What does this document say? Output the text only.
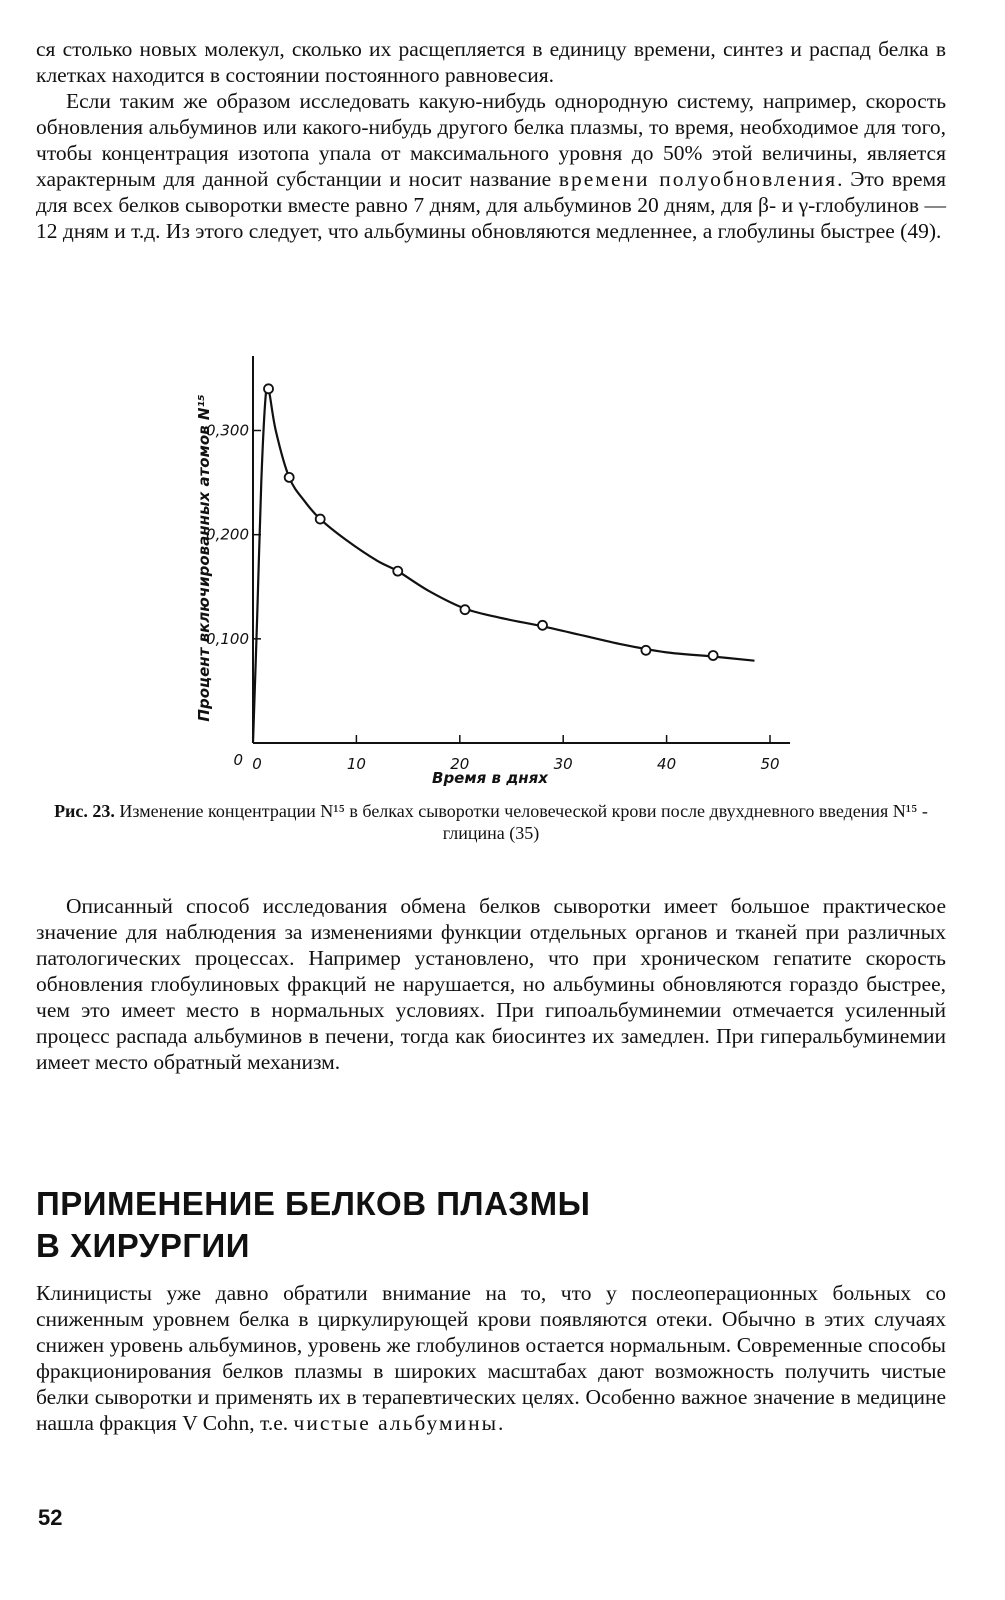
ся столько новых молекул, сколько их расщепляется в единицу времени, синтез и распад белка в клетках находится в состоянии постоянного равновесия.

Если таким же образом исследовать какую-нибудь однородную систему, например, скорость обновления альбуминов или какого-нибудь другого белка плазмы, то время, необходимое для того, чтобы концентрация изотопа упала от максимального уровня до 50% этой величины, является характерным для данной субстанции и носит название времени полуобновления. Это время для всех белков сыворотки вместе равно 7 дням, для альбуминов 20 дням, для β- и γ-глобулинов — 12 дням и т.д. Из этого следует, что альбумины обновляются медленнее, а глобулины быстрее (49).

0	10	20	30	40	50
0
0,100
0,200
0,300
Процент включированных атомов N¹⁵
Время в днях
Рис. 23. Изменение концентрации N¹⁵ в белках сыворотки человеческой крови после двухдневного введения N¹⁵ - глицина (35)

Описанный способ исследования обмена белков сыворотки имеет большое практическое значение для наблюдения за изменениями функции отдельных органов и тканей при различных патологических процессах. Например установлено, что при хроническом гепатите скорость обновления глобулиновых фракций не нарушается, но альбумины обновляются гораздо быстрее, чем это имеет место в нормальных условиях. При гипоальбуминемии отмечается усиленный процесс распада альбуминов в печени, тогда как биосинтез их замедлен. При гиперальбуминемии имеет место обратный механизм.

ПРИМЕНЕНИЕ БЕЛКОВ ПЛАЗМЫ
В ХИРУРГИИ

Клиницисты уже давно обратили внимание на то, что у послеоперационных больных со сниженным уровнем белка в циркулирующей крови появляются отеки. Обычно в этих случаях снижен уровень альбуминов, уровень же глобулинов остается нормальным. Современные способы фракционирования белков плазмы в широких масштабах дают возможность получить чистые белки сыворотки и применять их в терапевтических целях. Особенно важное значение в медицине нашла фракция V Cohn, т.е. чистые альбумины.

52
